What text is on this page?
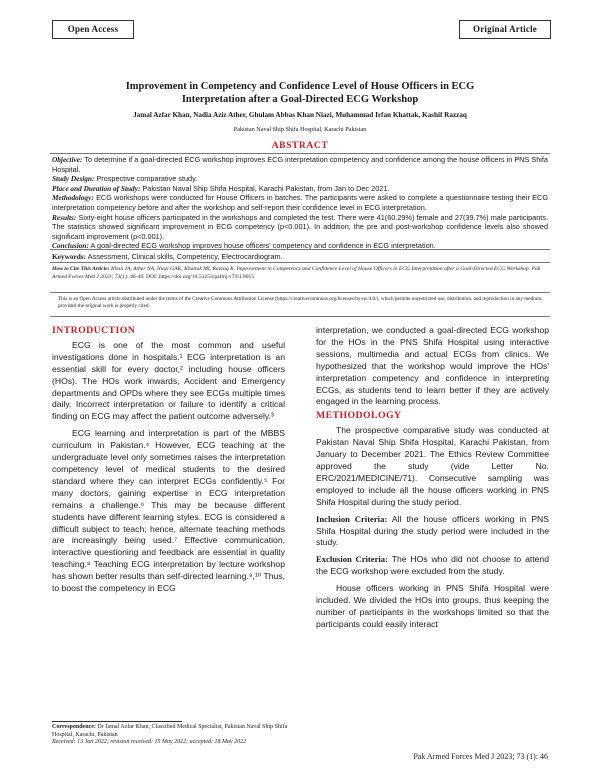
Open Access	Original Article
Improvement in Competency and Confidence Level of House Officers in ECG
Interpretation after a Goal-Directed ECG Workshop
Jamal Azfar Khan, Nadia Aziz Ather, Ghulam Abbas Khan Niazi, Muhammad Irfan Khattak, Kashif Razzaq
Pakistan Naval Ship Shifa Hospital, Karachi Pakistan
ABSTRACT

Objective: To determine if a goal-directed ECG workshop improves ECG interpretation competency and confidence among the house officers in PNS Shifa Hospital.

Study Design: Prospective comparative study.

Place and Duration of Study: Pakistan Naval Ship Shifa Hospital, Karachi Pakistan, from Jan to Dec 2021.

Methodology: ECG workshops were conducted for House Officers in batches. The participants were asked to complete a questionnaire testing their ECG interpretation competency before and after the workshop and self-report their confidence level in ECG interpretation.

Results: Sixty-eight house officers participated in the workshops and completed the test. There were 41(60.29%) female and 27(39.7%) male participants. The statistics showed significant improvement in ECG competency (p<0.001). In addition, the pre and post-workshop confidence levels also showed significant improvement (p<0.001).

Conclusion: A goal-directed ECG workshop improves house officers' competency and confidence in ECG interpretation.

Keywords: Assessment, Clinical skills, Competency, Electrocardiogram.
How to Cite This Article: Khan JA, Ather NA, Niazi GAK, Khattak MI, Razzaq K. Improvement in Competency and Confidence Level of House Officers in ECG Interpretation after a Goal-Directed ECG Workshop. Pak Armed Forces Med J 2023; 73(1): 46-49. DOI: https://doi.org/10.51253/pafmj.v73i1.8015
This is an Open Access article distributed under the terms of the Creative Commons Attribution License (https://creativecommons.org/licenses/by-nc/4.0/), which permits unrestricted use, distribution, and reproduction in any medium, provided the original work is properly cited.
INTRODUCTION

ECG is one of the most common and useful investigations done in hospitals.¹ ECG interpretation is an essential skill for every doctor,² including house officers (HOs). The HOs work inwards, Accident and Emergency departments and OPDs where they see ECGs multiple times daily. Incorrect interpretation or failure to identify a critical finding on ECG may affect the patient outcome adversely.³

ECG learning and interpretation is part of the MBBS curriculum in Pakistan.⁴ However, ECG teaching at the undergraduate level only sometimes raises the interpretation competency level of medical students to the desired standard where they can interpret ECGs confidently.⁵ For many doctors, gaining expertise in ECG interpretation remains a challenge.⁶ This may be because different students have different learning styles. ECG is considered a difficult subject to teach; hence, alternate teaching methods are increasingly being used.⁷ Effective communication, interactive questioning and feedback are essential in quality teaching.⁸ Teaching ECG interpretation by lecture workshop has shown better results than self-directed learning.⁹,¹⁰ Thus, to boost the competency in ECG

interpretation, we conducted a goal-directed ECG workshop for the HOs in the PNS Shifa Hospital using interactive sessions, multimedia and actual ECGs from clinics. We hypothesized that the workshop would improve the HOs' interpretation competency and confidence in interpreting ECGs, as students tend to learn better if they are actively engaged in the learning process.

METHODOLOGY

The prospective comparative study was conducted at Pakistan Naval Ship Shifa Hospital, Karachi Pakistan, from January to December 2021. The Ethics Review Committee approved the study (vide Letter No. ERC/2021/MEDICINE/71). Consecutive sampling was employed to include all the house officers working in PNS Shifa Hospital during the study period.

Inclusion Criteria: All the house officers working in PNS Shifa Hospital during the study period were included in the study.

Exclusion Criteria: The HOs who did not choose to attend the ECG workshop were excluded from the study.

House officers working in PNS Shifa Hospital were included. We divided the HOs into groups, thus keeping the number of participants in the workshops limited so that the participants could easily interact

Correspondence: Dr Jamal Azfar Khan, Classified Medical Specialist, Pakistan Naval Ship Shifa Hospital, Karachi, Pakistan
Received: 13 Jan 2022; revision received: 15 May 2022; accepted: 18 May 2022
Pak Armed Forces Med J 2023; 73 (1): 46
